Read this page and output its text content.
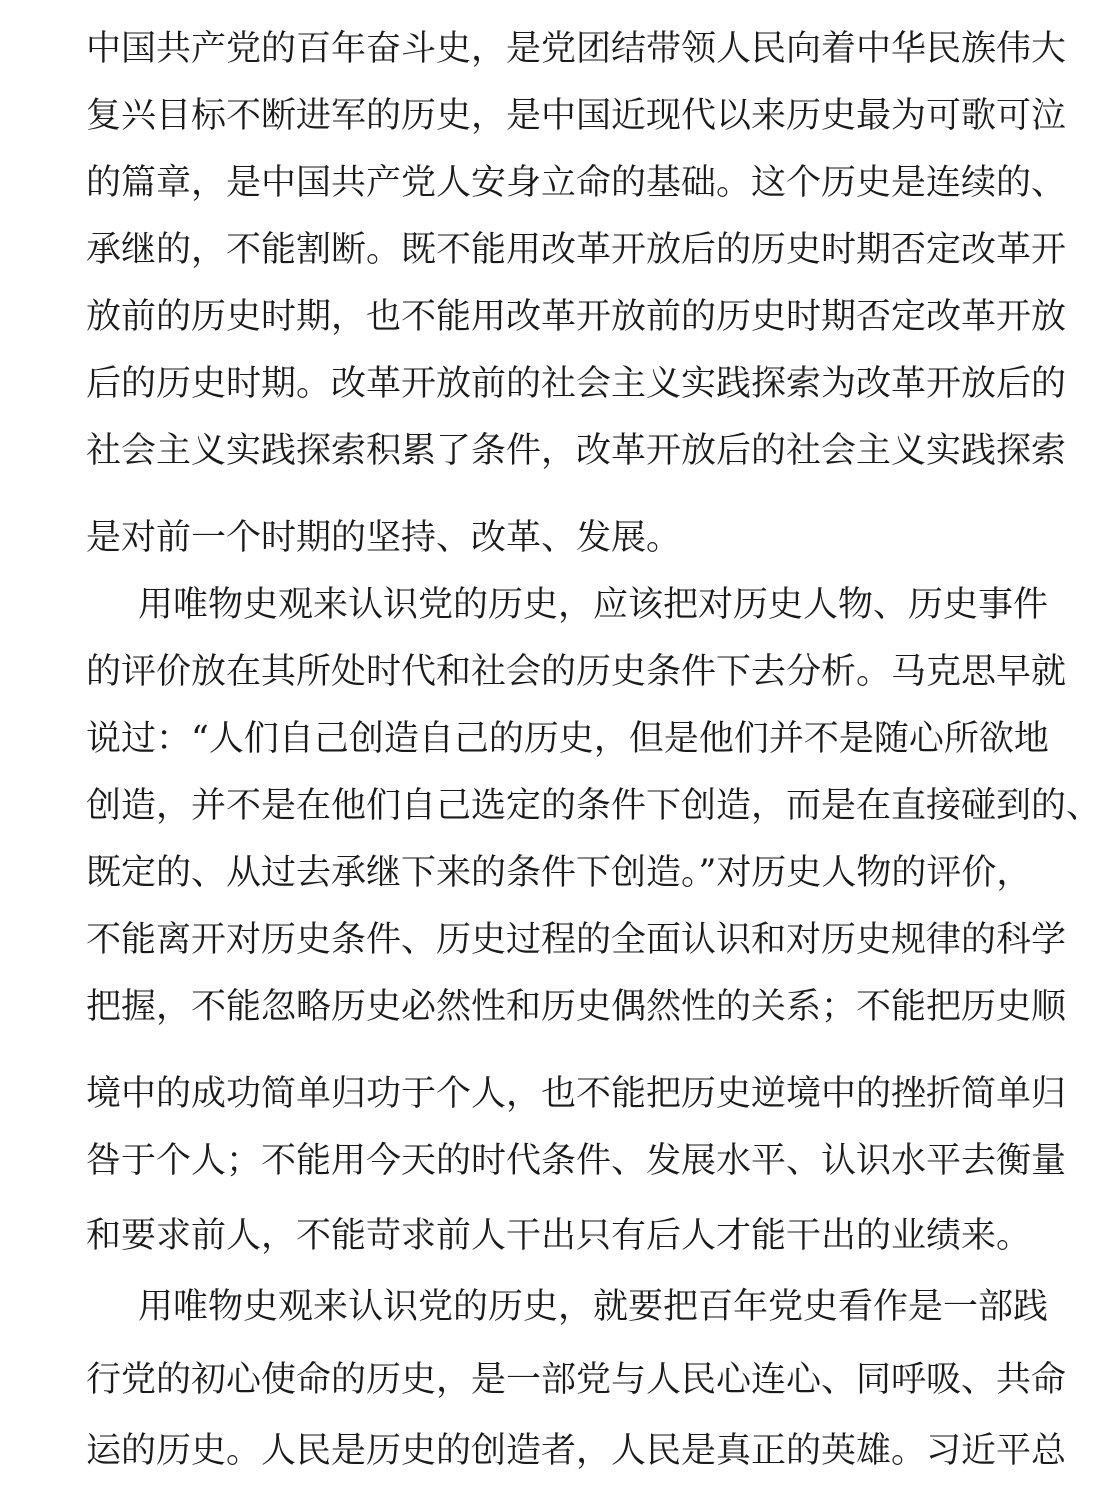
中国共产党的百年奋斗史，是党团结带领人民向着中华民族伟大
复兴目标不断进军的历史，是中国近现代以来历史最为可歌可泣
的篇章，是中国共产党人安身立命的基础。这个历史是连续的、
承继的，不能割断。既不能用改革开放后的历史时期否定改革开
放前的历史时期，也不能用改革开放前的历史时期否定改革开放
后的历史时期。改革开放前的社会主义实践探索为改革开放后的
社会主义实践探索积累了条件，改革开放后的社会主义实践探索
是对前一个时期的坚持、改革、发展。
用唯物史观来认识党的历史，应该把对历史人物、历史事件
的评价放在其所处时代和社会的历史条件下去分析。马克思早就
说过：“人们自己创造自己的历史，但是他们并不是随心所欲地
创造，并不是在他们自己选定的条件下创造，而是在直接碰到的、
既定的、从过去承继下来的条件下创造。”对历史人物的评价，
不能离开对历史条件、历史过程的全面认识和对历史规律的科学
把握，不能忽略历史必然性和历史偶然性的关系；不能把历史顺
境中的成功简单归功于个人，也不能把历史逆境中的挫折简单归
咎于个人；不能用今天的时代条件、发展水平、认识水平去衡量
和要求前人，不能苛求前人干出只有后人才能干出的业绩来。
用唯物史观来认识党的历史，就要把百年党史看作是一部践
行党的初心使命的历史，是一部党与人民心连心、同呼吸、共命
运的历史。人民是历史的创造者，人民是真正的英雄。习近平总
